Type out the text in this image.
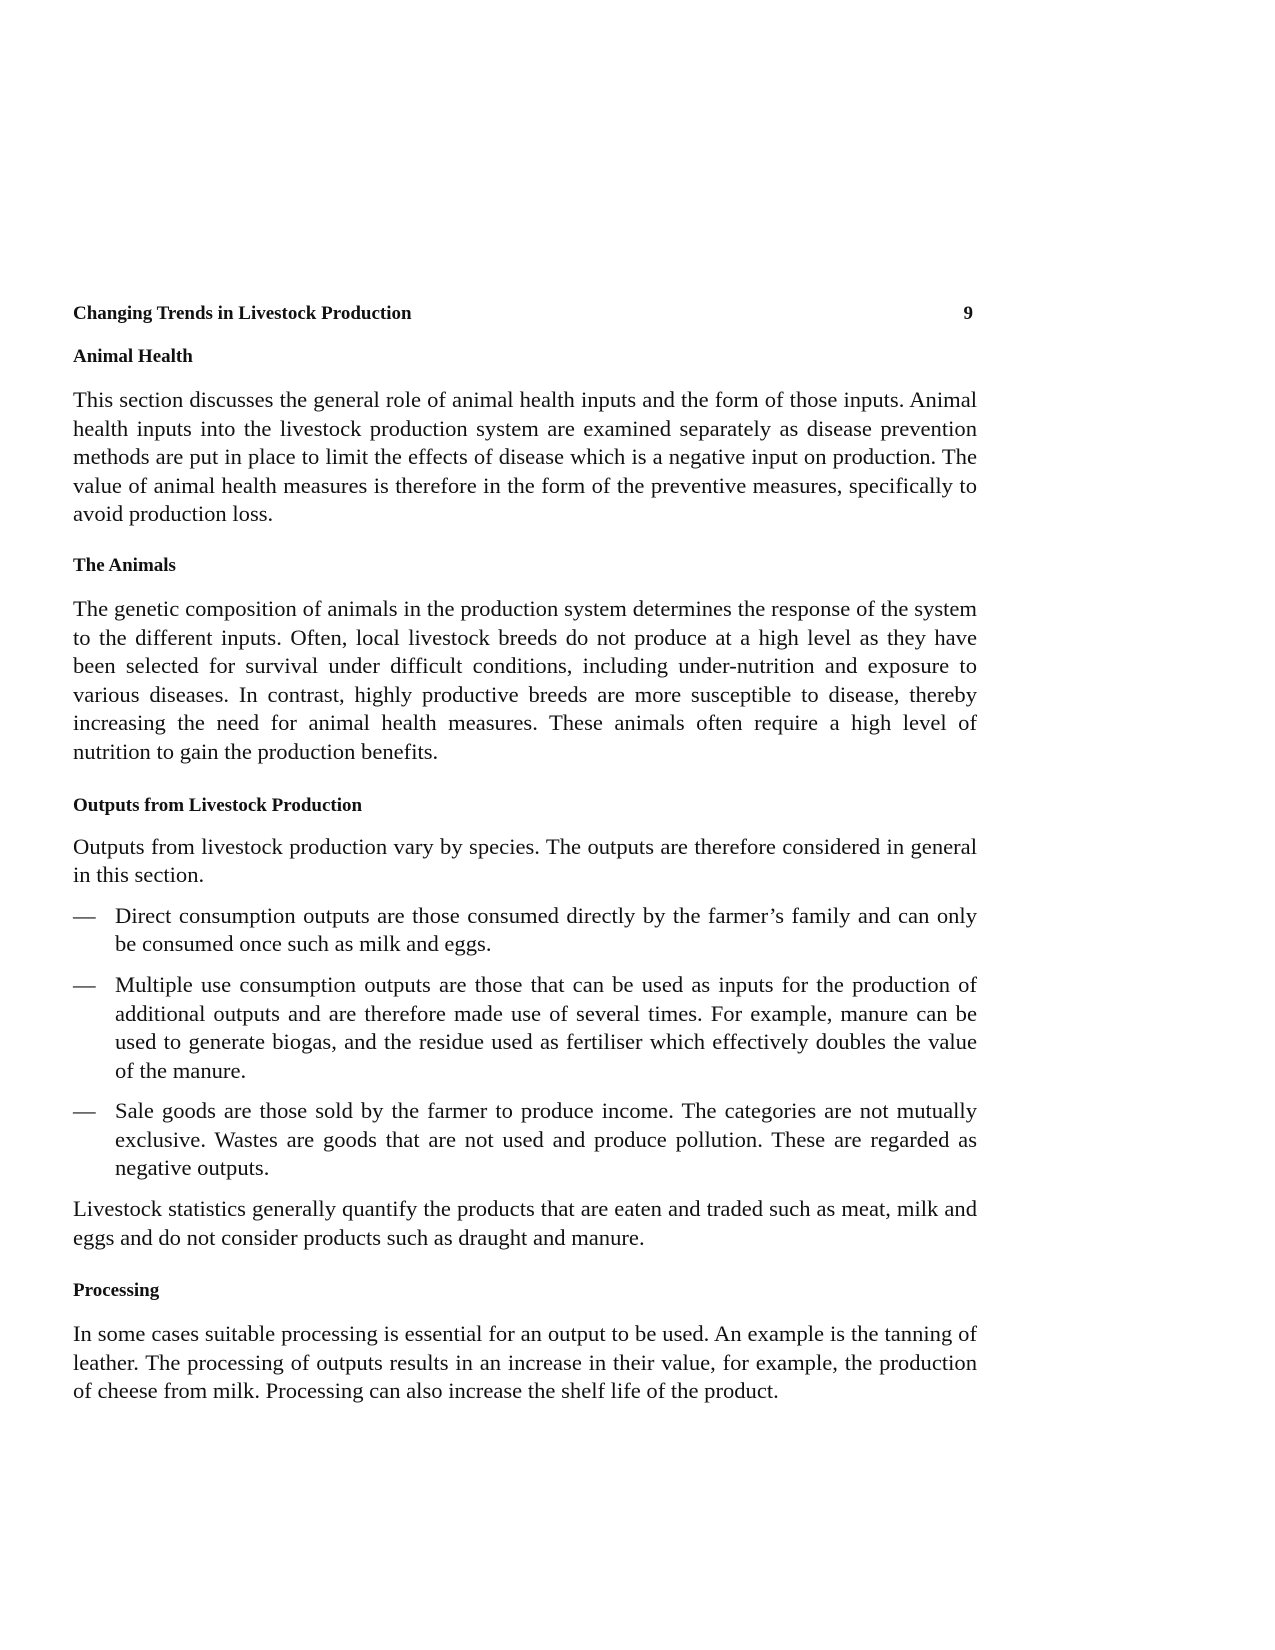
Changing Trends in Livestock Production	9
Animal Health

This section discusses the general role of animal health inputs and the form of those inputs. Animal health inputs into the livestock production system are examined separately as disease prevention methods are put in place to limit the effects of disease which is a negative input on production. The value of animal health measures is therefore in the form of the preventive measures, specifically to avoid production loss.

The Animals

The genetic composition of animals in the production system determines the response of the system to the different inputs. Often, local livestock breeds do not produce at a high level as they have been selected for survival under difficult conditions, including under-nutrition and exposure to various diseases. In contrast, highly productive breeds are more susceptible to disease, thereby increasing the need for animal health measures. These animals often require a high level of nutrition to gain the production benefits.

Outputs from Livestock Production

Outputs from livestock production vary by species. The outputs are therefore considered in general in this section.

— Direct consumption outputs are those consumed directly by the farmer’s family and can only be consumed once such as milk and eggs.

— Multiple use consumption outputs are those that can be used as inputs for the production of additional outputs and are therefore made use of several times. For example, manure can be used to generate biogas, and the residue used as fertiliser which effectively doubles the value of the manure.

— Sale goods are those sold by the farmer to produce income. The categories are not mutually exclusive. Wastes are goods that are not used and produce pollution. These are regarded as negative outputs.

Livestock statistics generally quantify the products that are eaten and traded such as meat, milk and eggs and do not consider products such as draught and manure.

Processing

In some cases suitable processing is essential for an output to be used. An example is the tanning of leather. The processing of outputs results in an increase in their value, for example, the production of cheese from milk. Processing can also increase the shelf life of the product.
